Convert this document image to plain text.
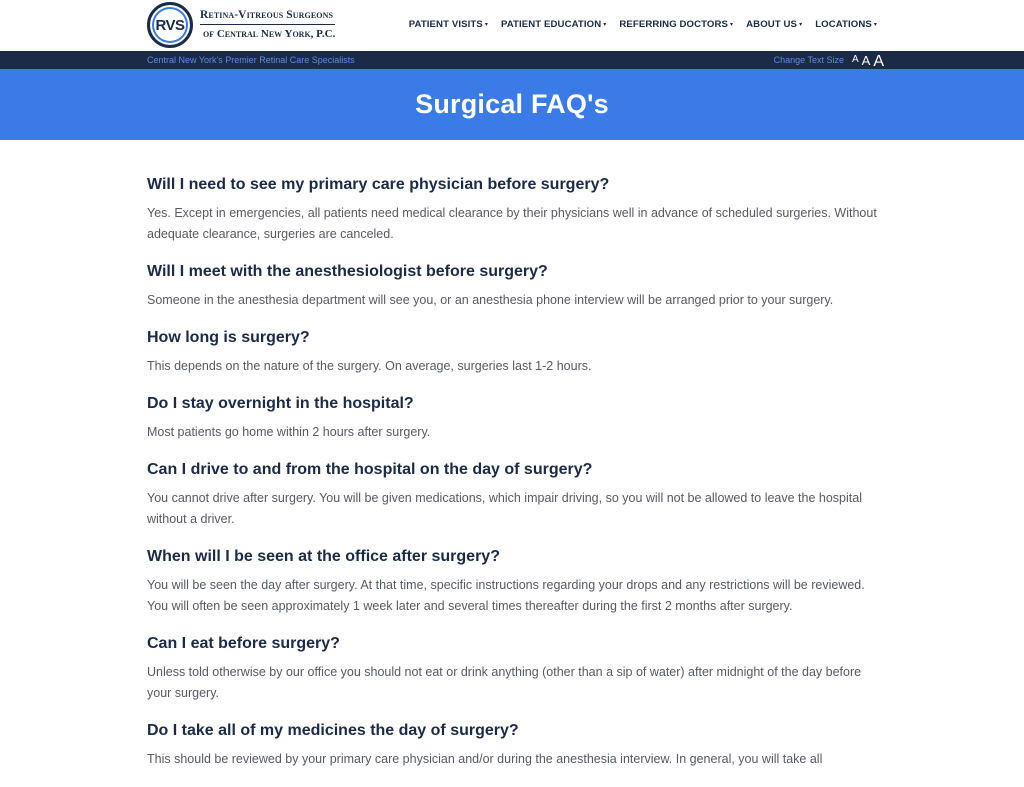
RVS
Retina-Vitreous Surgeons
of Central New York, P.C.
PATIENT VISITS ▾ PATIENT EDUCATION ▾ REFERRING DOCTORS ▾ ABOUT US ▾ LOCATIONS ▾
Central New York's Premier Retinal Care Specialists	Change Text Size A A A
Surgical FAQ's
Will I need to see my primary care physician before surgery?
Yes. Except in emergencies, all patients need medical clearance by their physicians well in advance of scheduled surgeries. Without adequate clearance, surgeries are canceled.
Will I meet with the anesthesiologist before surgery?
Someone in the anesthesia department will see you, or an anesthesia phone interview will be arranged prior to your surgery.
How long is surgery?
This depends on the nature of the surgery. On average, surgeries last 1-2 hours.
Do I stay overnight in the hospital?
Most patients go home within 2 hours after surgery.
Can I drive to and from the hospital on the day of surgery?
You cannot drive after surgery. You will be given medications, which impair driving, so you will not be allowed to leave the hospital without a driver.
When will I be seen at the office after surgery?
You will be seen the day after surgery. At that time, specific instructions regarding your drops and any restrictions will be reviewed. You will often be seen approximately 1 week later and several times thereafter during the first 2 months after surgery.
Can I eat before surgery?
Unless told otherwise by our office you should not eat or drink anything (other than a sip of water) after midnight of the day before your surgery.
Do I take all of my medicines the day of surgery?
This should be reviewed by your primary care physician and/or during the anesthesia interview. In general, you will take all
